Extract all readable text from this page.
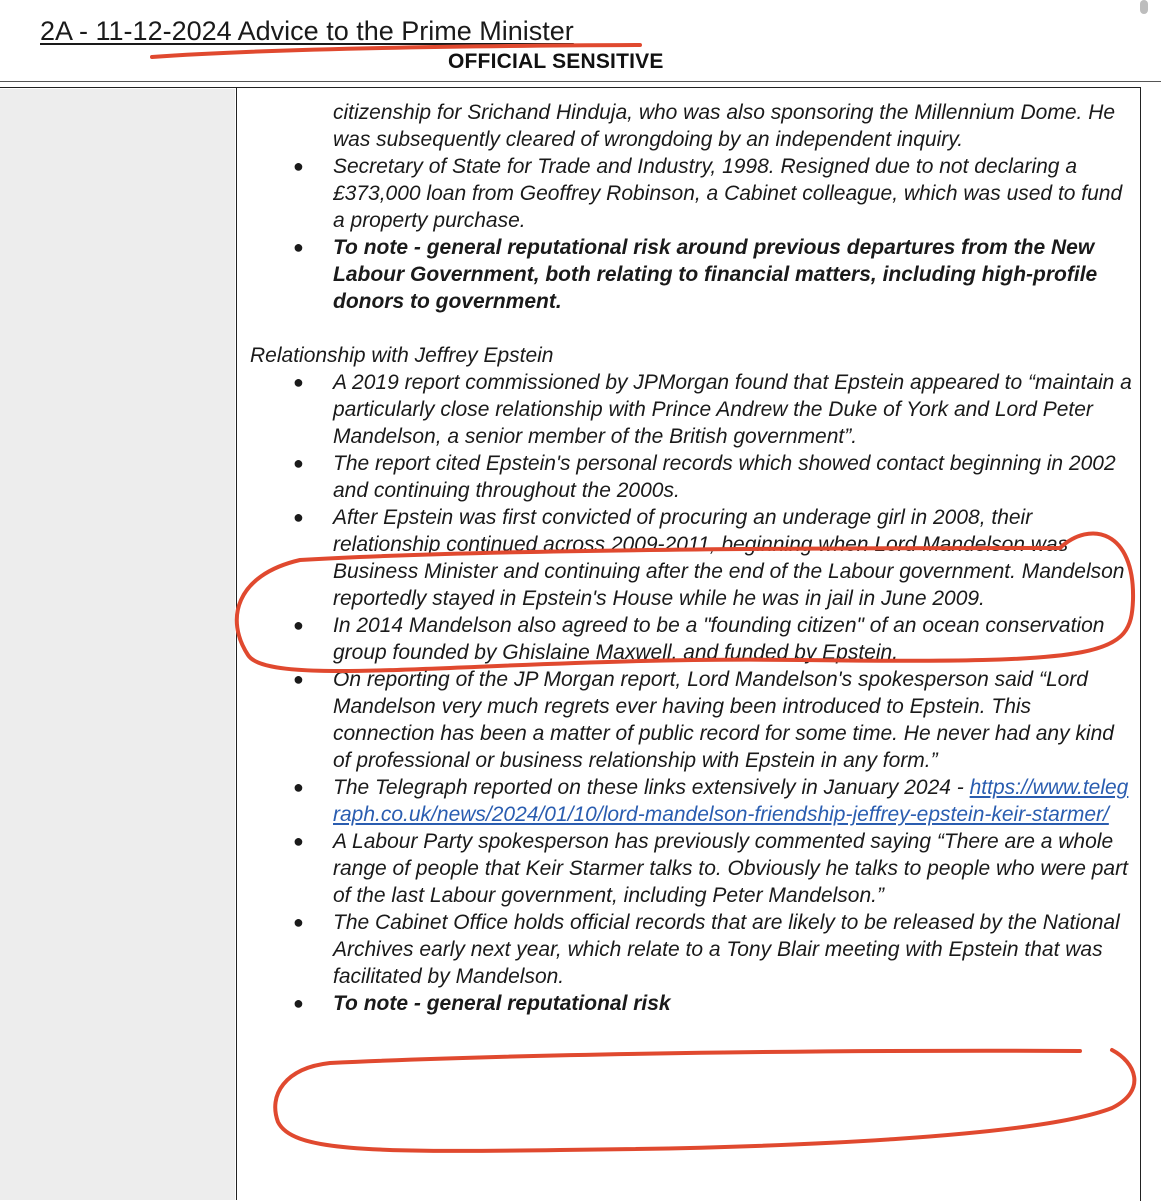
2A - 11-12-2024 Advice to the Prime Minister
OFFICIAL SENSITIVE
citizenship for Srichand Hinduja, who was also sponsoring the Millennium Dome. He was subsequently cleared of wrongdoing by an independent inquiry.
● Secretary of State for Trade and Industry, 1998. Resigned due to not declaring a £373,000 loan from Geoffrey Robinson, a Cabinet colleague, which was used to fund a property purchase.
● To note - general reputational risk around previous departures from the New Labour Government, both relating to financial matters, including high-profile donors to government.
Relationship with Jeffrey Epstein
● A 2019 report commissioned by JPMorgan found that Epstein appeared to “maintain a particularly close relationship with Prince Andrew the Duke of York and Lord Peter Mandelson, a senior member of the British government”.
● The report cited Epstein's personal records which showed contact beginning in 2002 and continuing throughout the 2000s.
● After Epstein was first convicted of procuring an underage girl in 2008, their relationship continued across 2009-2011, beginning when Lord Mandelson was Business Minister and continuing after the end of the Labour government. Mandelson reportedly stayed in Epstein's House while he was in jail in June 2009.
● In 2014 Mandelson also agreed to be a "founding citizen" of an ocean conservation group founded by Ghislaine Maxwell, and funded by Epstein.
● On reporting of the JP Morgan report, Lord Mandelson's spokesperson said “Lord Mandelson very much regrets ever having been introduced to Epstein. This connection has been a matter of public record for some time. He never had any kind of professional or business relationship with Epstein in any form.”
● The Telegraph reported on these links extensively in January 2024 - https://www.telegraph.co.uk/news/2024/01/10/lord-mandelson-friendship-jeffrey-epstein-keir-starmer/
● A Labour Party spokesperson has previously commented saying “There are a whole range of people that Keir Starmer talks to. Obviously he talks to people who were part of the last Labour government, including Peter Mandelson.”
● The Cabinet Office holds official records that are likely to be released by the National Archives early next year, which relate to a Tony Blair meeting with Epstein that was facilitated by Mandelson.
● To note - general reputational risk
